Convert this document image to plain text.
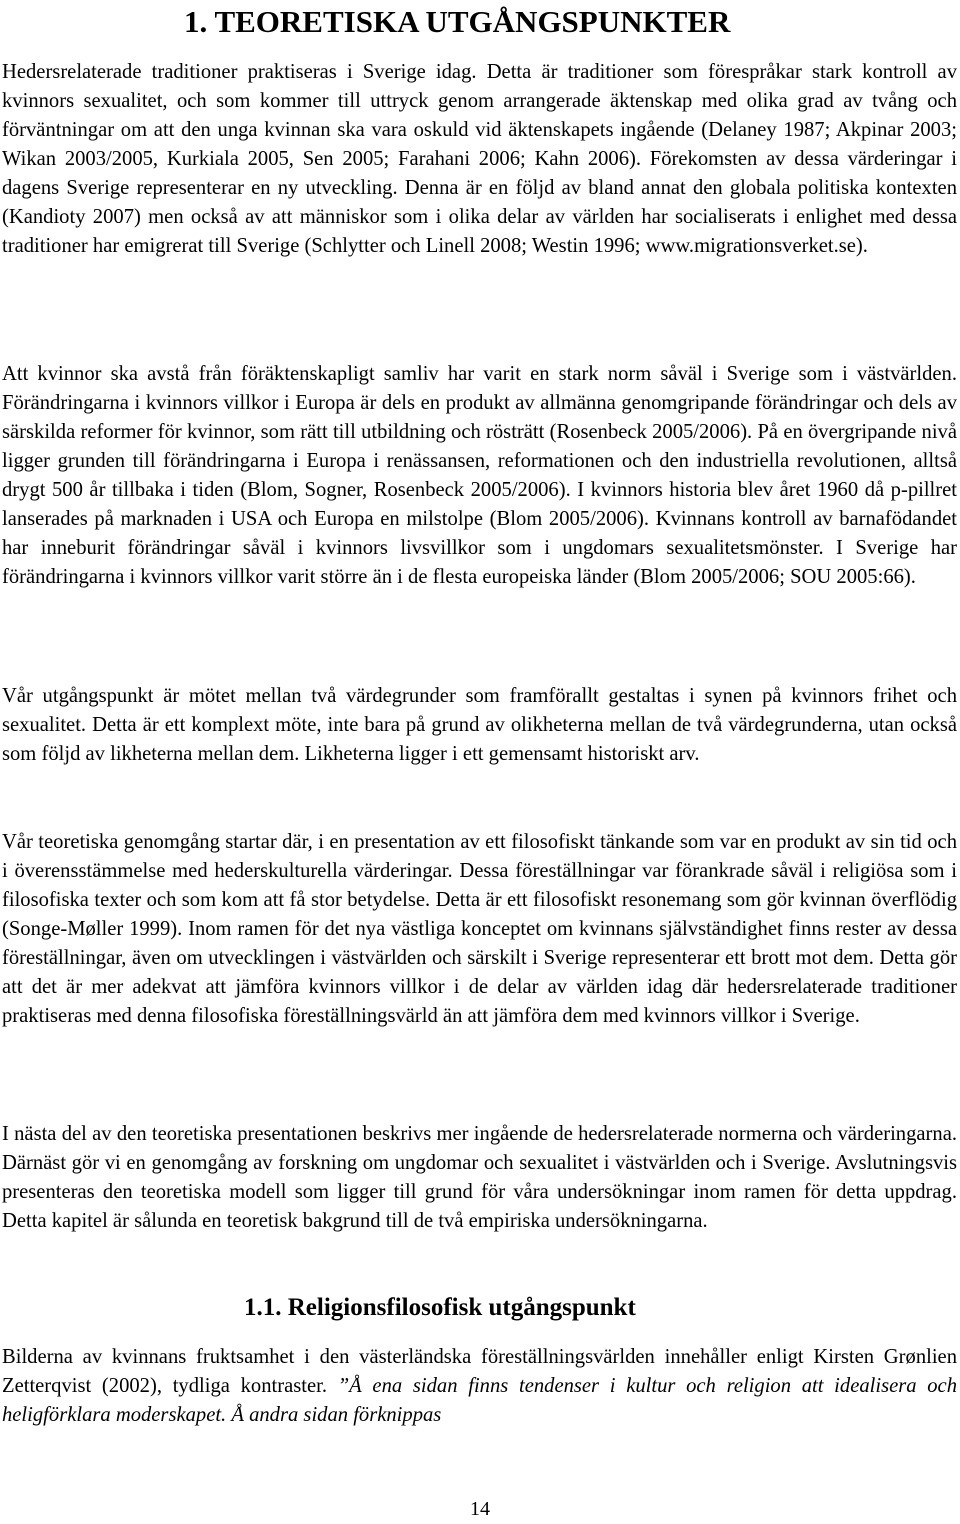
1. TEORETISKA UTGÅNGSPUNKTER

Hedersrelaterade traditioner praktiseras i Sverige idag. Detta är traditioner som förespråkar stark kontroll av kvinnors sexualitet, och som kommer till uttryck genom arrangerade äktenskap med olika grad av tvång och förväntningar om att den unga kvinnan ska vara oskuld vid äktenskapets ingående (Delaney 1987; Akpinar 2003; Wikan 2003/2005, Kurkiala 2005, Sen 2005; Farahani 2006; Kahn 2006). Förekomsten av dessa värderingar i dagens Sverige representerar en ny utveckling. Denna är en följd av bland annat den globala politiska kontexten (Kandioty 2007) men också av att människor som i olika delar av världen har socialiserats i enlighet med dessa traditioner har emigrerat till Sverige (Schlytter och Linell 2008; Westin 1996; www.migrationsverket.se).

Att kvinnor ska avstå från föräktenskapligt samliv har varit en stark norm såväl i Sverige som i västvärlden. Förändringarna i kvinnors villkor i Europa är dels en produkt av allmänna genomgripande förändringar och dels av särskilda reformer för kvinnor, som rätt till utbildning och rösträtt (Rosenbeck 2005/2006). På en övergripande nivå ligger grunden till förändringarna i Europa i renässansen, reformationen och den industriella revolutionen, alltså drygt 500 år tillbaka i tiden (Blom, Sogner, Rosenbeck 2005/2006). I kvinnors historia blev året 1960 då p-pillret lanserades på marknaden i USA och Europa en milstolpe (Blom 2005/2006). Kvinnans kontroll av barnafödandet har inneburit förändringar såväl i kvinnors livsvillkor som i ungdomars sexualitetsmönster. I Sverige har förändringarna i kvinnors villkor varit större än i de flesta europeiska länder (Blom 2005/2006; SOU 2005:66).

Vår utgångspunkt är mötet mellan två värdegrunder som framförallt gestaltas i synen på kvinnors frihet och sexualitet. Detta är ett komplext möte, inte bara på grund av olikheterna mellan de två värdegrunderna, utan också som följd av likheterna mellan dem. Likheterna ligger i ett gemensamt historiskt arv.

Vår teoretiska genomgång startar där, i en presentation av ett filosofiskt tänkande som var en produkt av sin tid och i överensstämmelse med hederskulturella värderingar. Dessa föreställningar var förankrade såväl i religiösa som i filosofiska texter och som kom att få stor betydelse. Detta är ett filosofiskt resonemang som gör kvinnan överflödig (Songe-Møller 1999). Inom ramen för det nya västliga konceptet om kvinnans självständighet finns rester av dessa föreställningar, även om utvecklingen i västvärlden och särskilt i Sverige representerar ett brott mot dem. Detta gör att det är mer adekvat att jämföra kvinnors villkor i de delar av världen idag där hedersrelaterade traditioner praktiseras med denna filosofiska föreställningsvärld än att jämföra dem med kvinnors villkor i Sverige.

I nästa del av den teoretiska presentationen beskrivs mer ingående de hedersrelaterade normerna och värderingarna. Därnäst gör vi en genomgång av forskning om ungdomar och sexualitet i västvärlden och i Sverige. Avslutningsvis presenteras den teoretiska modell som ligger till grund för våra undersökningar inom ramen för detta uppdrag. Detta kapitel är sålunda en teoretisk bakgrund till de två empiriska undersökningarna.

1.1. Religionsfilosofisk utgångspunkt

Bilderna av kvinnans fruktsamhet i den västerländska föreställningsvärlden innehåller enligt Kirsten Grønlien Zetterqvist (2002), tydliga kontraster. ”Å ena sidan finns tendenser i kultur och religion att idealisera och heligförklara moderskapet. Å andra sidan förknippas

14
